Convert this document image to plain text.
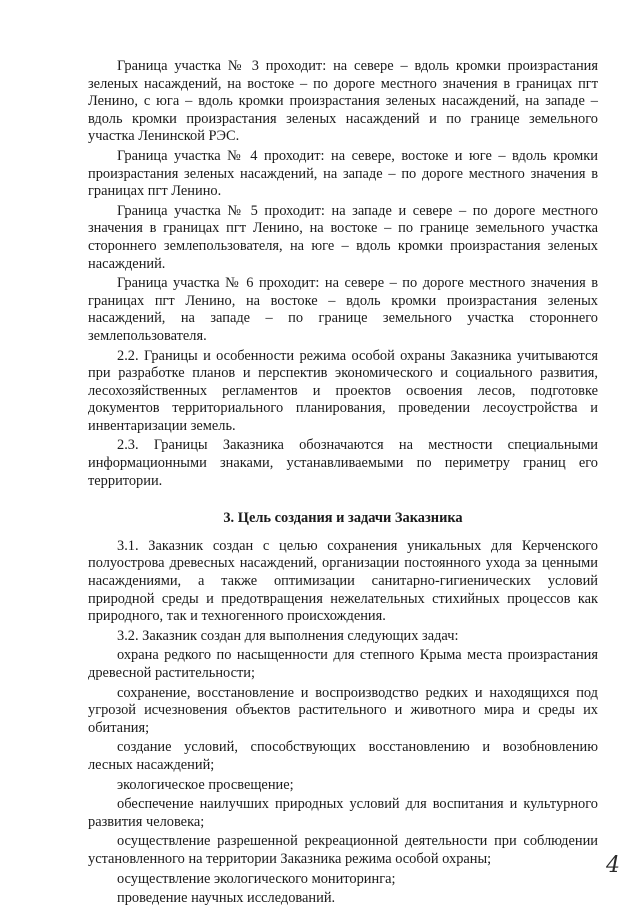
Граница участка № 3 проходит: на севере – вдоль кромки произрастания зеленых насаждений, на востоке – по дороге местного значения в границах пгт Ленино, с юга – вдоль кромки произрастания зеленых насаждений, на западе – вдоль кромки произрастания зеленых насаждений и по границе земельного участка Ленинской РЭС.

Граница участка № 4 проходит: на севере, востоке и юге – вдоль кромки произрастания зеленых насаждений, на западе – по дороге местного значения в границах пгт Ленино.

Граница участка № 5 проходит: на западе и севере – по дороге местного значения в границах пгт Ленино, на востоке – по границе земельного участка стороннего землепользователя, на юге – вдоль кромки произрастания зеленых насаждений.

Граница участка № 6 проходит: на севере – по дороге местного значения в границах пгт Ленино, на востоке – вдоль кромки произрастания зеленых насаждений, на западе – по границе земельного участка стороннего землепользователя.

2.2. Границы и особенности режима особой охраны Заказника учитываются при разработке планов и перспектив экономического и социального развития, лесохозяйственных регламентов и проектов освоения лесов, подготовке документов территориального планирования, проведении лесоустройства и инвентаризации земель.

2.3. Границы Заказника обозначаются на местности специальными информационными знаками, устанавливаемыми по периметру границ его территории.

3. Цель создания и задачи Заказника

3.1. Заказник создан с целью сохранения уникальных для Керченского полуострова древесных насаждений, организации постоянного ухода за ценными насаждениями, а также оптимизации санитарно-гигиенических условий природной среды и предотвращения нежелательных стихийных процессов как природного, так и техногенного происхождения.

3.2. Заказник создан для выполнения следующих задач:

охрана редкого по насыщенности для степного Крыма места произрастания древесной растительности;

сохранение, восстановление и воспроизводство редких и находящихся под угрозой исчезновения объектов растительного и животного мира и среды их обитания;

создание условий, способствующих восстановлению и возобновлению лесных насаждений;

экологическое просвещение;

обеспечение наилучших природных условий для воспитания и культурного развития человека;

осуществление разрешенной рекреационной деятельности при соблюдении установленного на территории Заказника режима особой охраны;

осуществление экологического мониторинга;

проведение научных исследований.

4
